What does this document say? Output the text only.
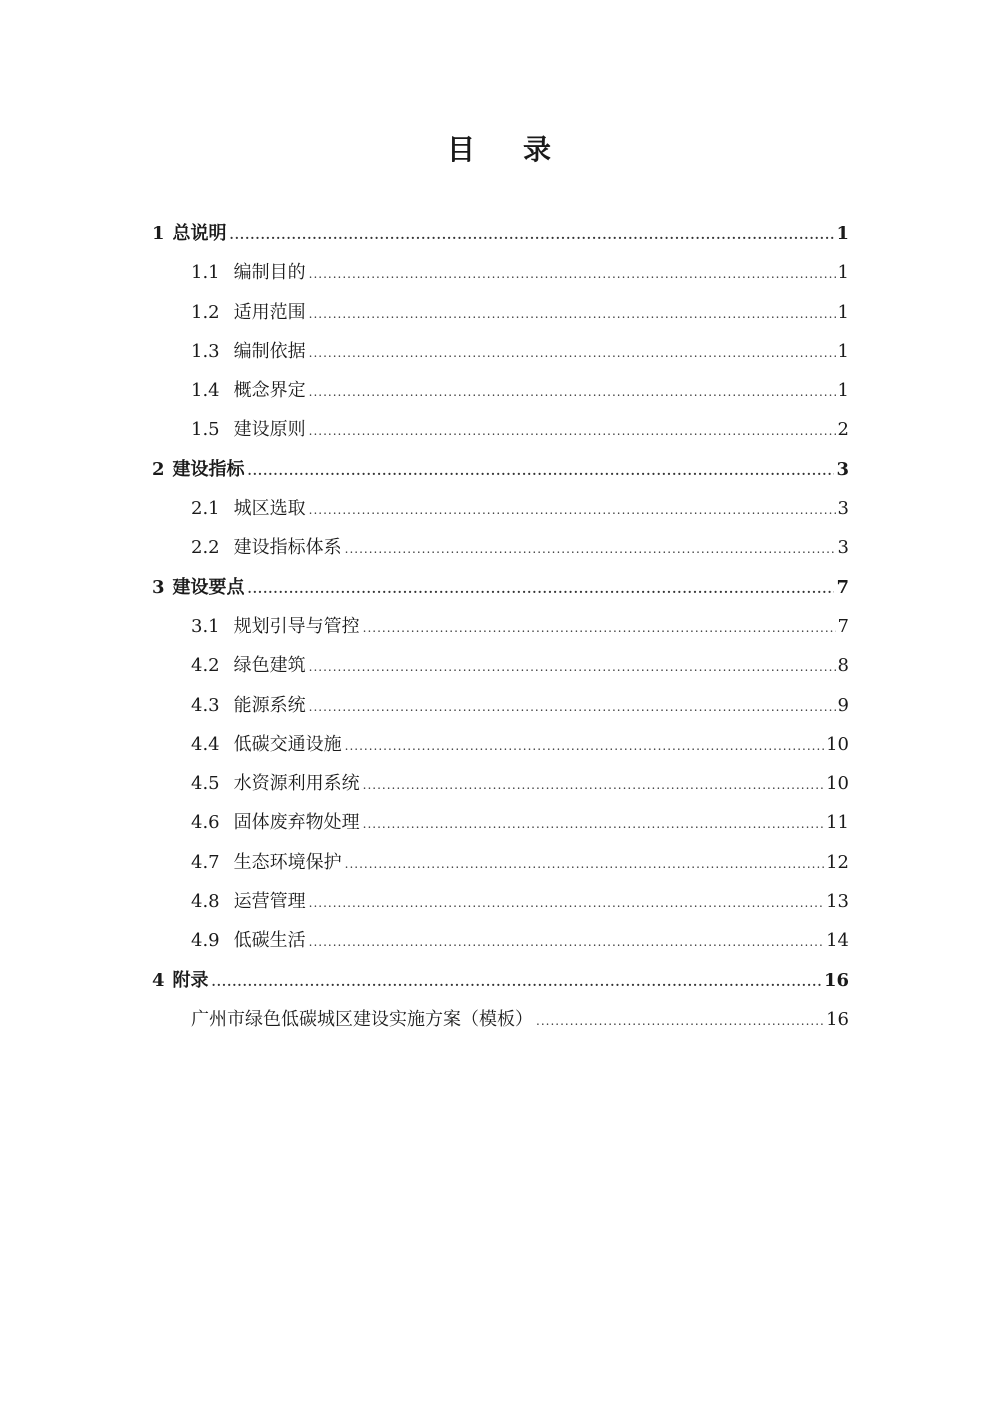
目 录
1 总说明 .....	1
1.1 编制目的 .....	1
1.2 适用范围 .....	1
1.3 编制依据 .....	1
1.4 概念界定 .....	1
1.5 建设原则 .....	2
2 建设指标 .....	3
2.1 城区选取 .....	3
2.2 建设指标体系 .....	3
3 建设要点 .....	7
3.1 规划引导与管控 .....	7
4.2 绿色建筑 .....	8
4.3 能源系统 .....	9
4.4 低碳交通设施 .....	10
4.5 水资源利用系统 .....	10
4.6 固体废弃物处理 .....	11
4.7 生态环境保护 .....	12
4.8 运营管理 .....	13
4.9 低碳生活 .....	14
4 附录 .....	16
广州市绿色低碳城区建设实施方案（模板） .....	16
